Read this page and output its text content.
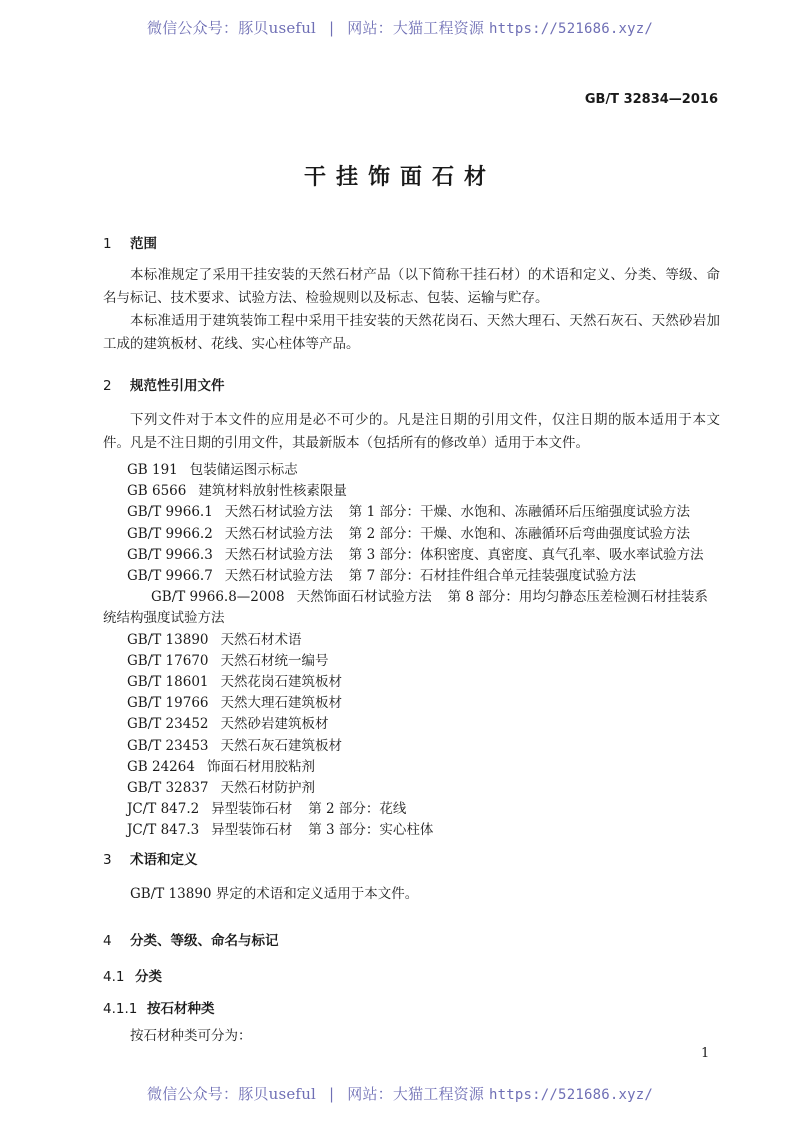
微信公众号：豚贝useful | 网站：大猫工程资源 https://521686.xyz/
GB/T 32834—2016
干挂饰面石材
1 范围
本标准规定了采用干挂安装的天然石材产品（以下简称干挂石材）的术语和定义、分类、等级、命名与标记、技术要求、试验方法、检验规则以及标志、包装、运输与贮存。
本标准适用于建筑装饰工程中采用干挂安装的天然花岗石、天然大理石、天然石灰石、天然砂岩加工成的建筑板材、花线、实心柱体等产品。
2 规范性引用文件
下列文件对于本文件的应用是必不可少的。凡是注日期的引用文件，仅注日期的版本适用于本文件。凡是不注日期的引用文件，其最新版本（包括所有的修改单）适用于本文件。
GB 191 包装储运图示标志
GB 6566 建筑材料放射性核素限量
GB/T 9966.1 天然石材试验方法 第 1 部分：干燥、水饱和、冻融循环后压缩强度试验方法
GB/T 9966.2 天然石材试验方法 第 2 部分：干燥、水饱和、冻融循环后弯曲强度试验方法
GB/T 9966.3 天然石材试验方法 第 3 部分：体积密度、真密度、真气孔率、吸水率试验方法
GB/T 9966.7 天然石材试验方法 第 7 部分：石材挂件组合单元挂装强度试验方法
GB/T 9966.8—2008 天然饰面石材试验方法 第 8 部分：用均匀静态压差检测石材挂装系统结构强度试验方法
GB/T 13890 天然石材术语
GB/T 17670 天然石材统一编号
GB/T 18601 天然花岗石建筑板材
GB/T 19766 天然大理石建筑板材
GB/T 23452 天然砂岩建筑板材
GB/T 23453 天然石灰石建筑板材
GB 24264 饰面石材用胶粘剂
GB/T 32837 天然石材防护剂
JC/T 847.2 异型装饰石材 第 2 部分：花线
JC/T 847.3 异型装饰石材 第 3 部分：实心柱体
3 术语和定义
GB/T 13890 界定的术语和定义适用于本文件。
4 分类、等级、命名与标记
4.1 分类
4.1.1 按石材种类
按石材种类可分为：
1
微信公众号：豚贝useful | 网站：大猫工程资源 https://521686.xyz/
